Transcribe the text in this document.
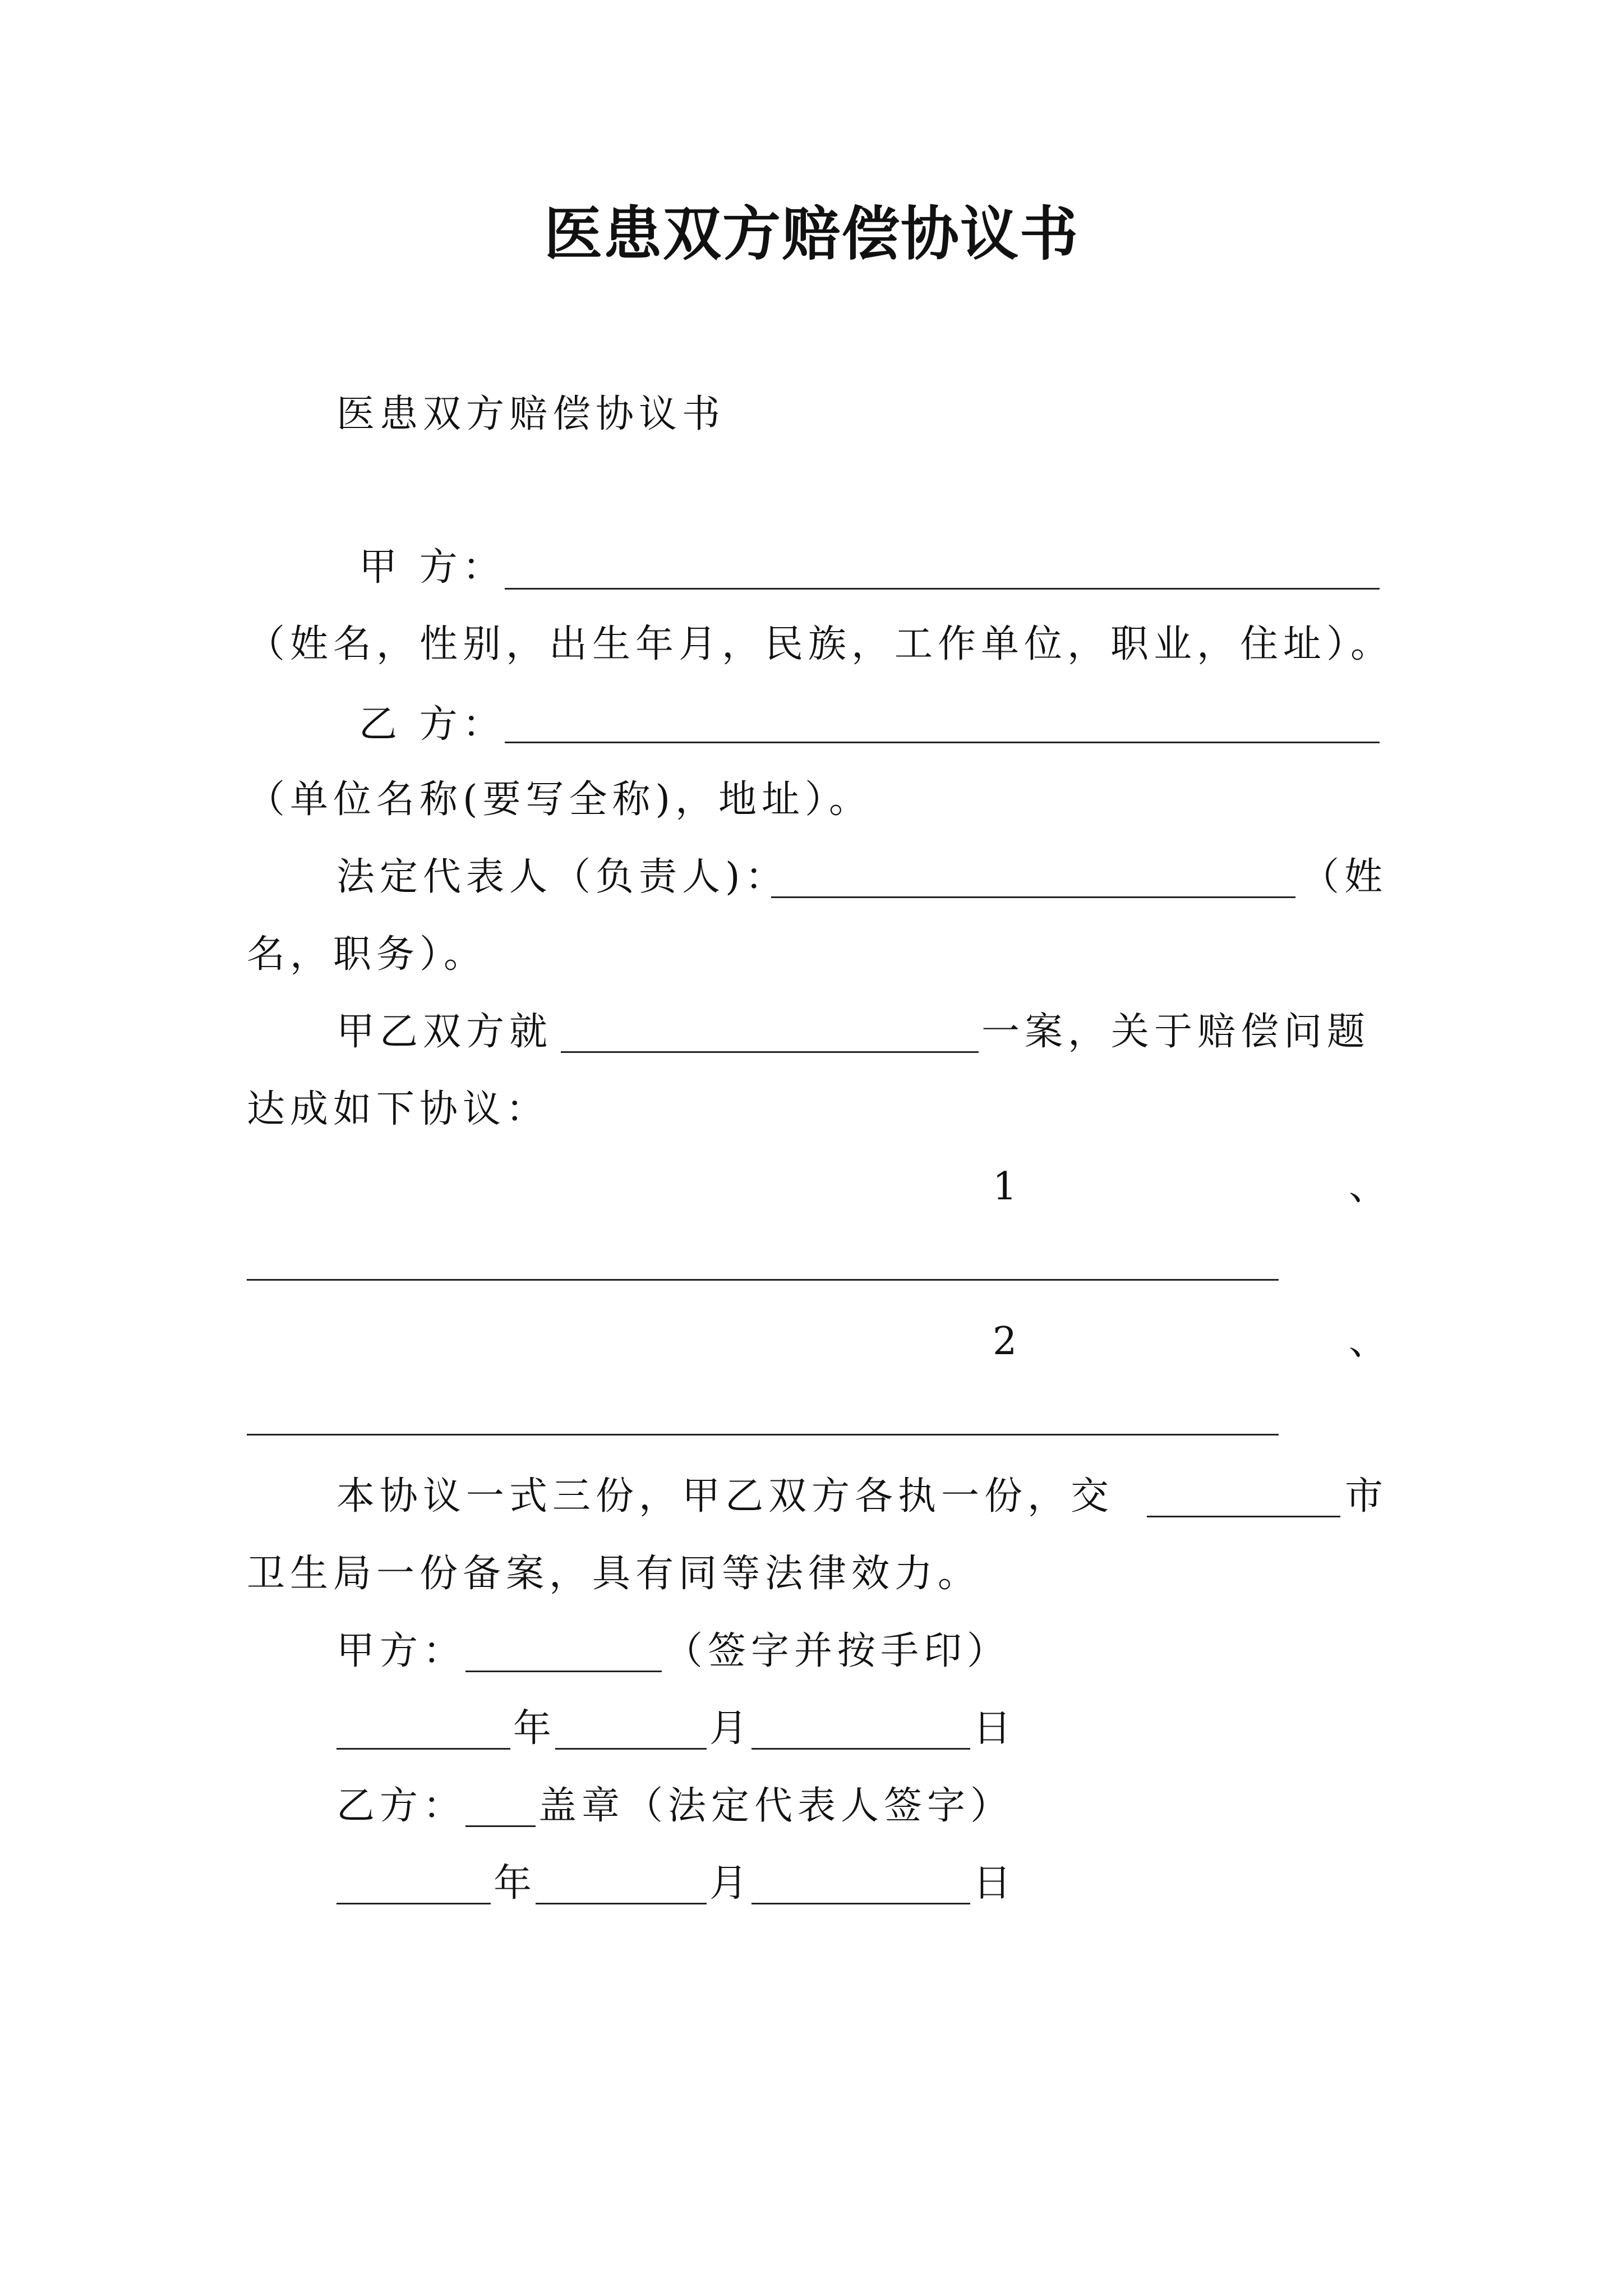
医患双方赔偿协议书
医患双方赔偿协议书
甲 方：
（姓名，性别，出生年月，民族，工作单位，职业，住址）。
乙 方：
（单位名称(要写全称)，地址）。
法定代表人（负责人)：	（姓
名，职务）。
甲乙双方就	一案，关于赔偿问题
达成如下协议：
1	、
2	、
本协议一式三份，甲乙双方各执一份，交	市
卫生局一份备案，具有同等法律效力。
甲方：	（签字并按手印）
年	月	日
乙方： 盖章（法定代表人签字）
年	月	日
